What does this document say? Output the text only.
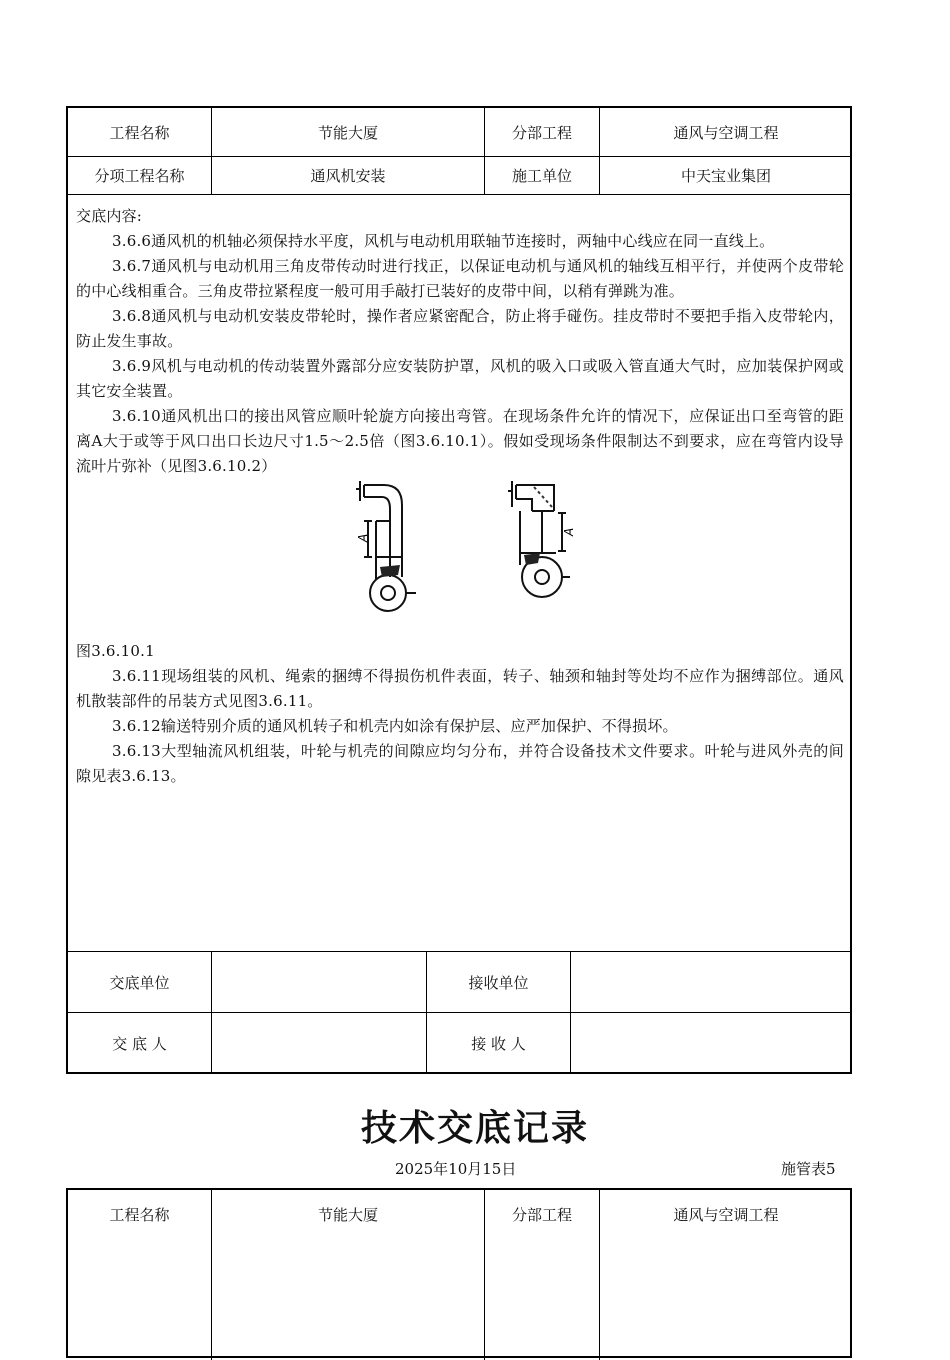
工程名称	节能大厦	分部工程	通风与空调工程
分项工程名称	通风机安装	施工单位	中天宝业集团

交底内容:

3.6.6通风机的机轴必须保持水平度，风机与电动机用联轴节连接时，两轴中心线应在同一直线上。

3.6.7通风机与电动机用三角皮带传动时进行找正，以保证电动机与通风机的轴线互相平行，并使两个皮带轮的中心线相重合。三角皮带拉紧程度一般可用手敲打已装好的皮带中间，以稍有弹跳为准。

3.6.8通风机与电动机安装皮带轮时，操作者应紧密配合，防止将手碰伤。挂皮带时不要把手指入皮带轮内，防止发生事故。

3.6.9风机与电动机的传动装置外露部分应安装防护罩，风机的吸入口或吸入管直通大气时，应加装保护网或其它安全装置。

3.6.10通风机出口的接出风管应顺叶轮旋方向接出弯管。在现场条件允许的情况下，应保证出口至弯管的距离A大于或等于风口出口长边尺寸1.5～2.5倍（图3.6.10.1）。假如受现场条件限制达不到要求，应在弯管内设导流叶片弥补（见图3.6.10.2）

A
A

图3.6.10.1

3.6.11现场组装的风机、绳索的捆缚不得损伤机件表面，转子、轴颈和轴封等处均不应作为捆缚部位。通风机散装部件的吊装方式见图3.6.11。

3.6.12输送特别介质的通风机转子和机壳内如涂有保护层、应严加保护、不得损坏。

3.6.13大型轴流风机组装，叶轮与机壳的间隙应均匀分布，并符合设备技术文件要求。叶轮与进风外壳的间隙见表3.6.13。

交底单位	接收单位
交 底 人	接 收 人
技术交底记录
2025年10月15日	施管表5
工程名称	节能大厦	分部工程	通风与空调工程
